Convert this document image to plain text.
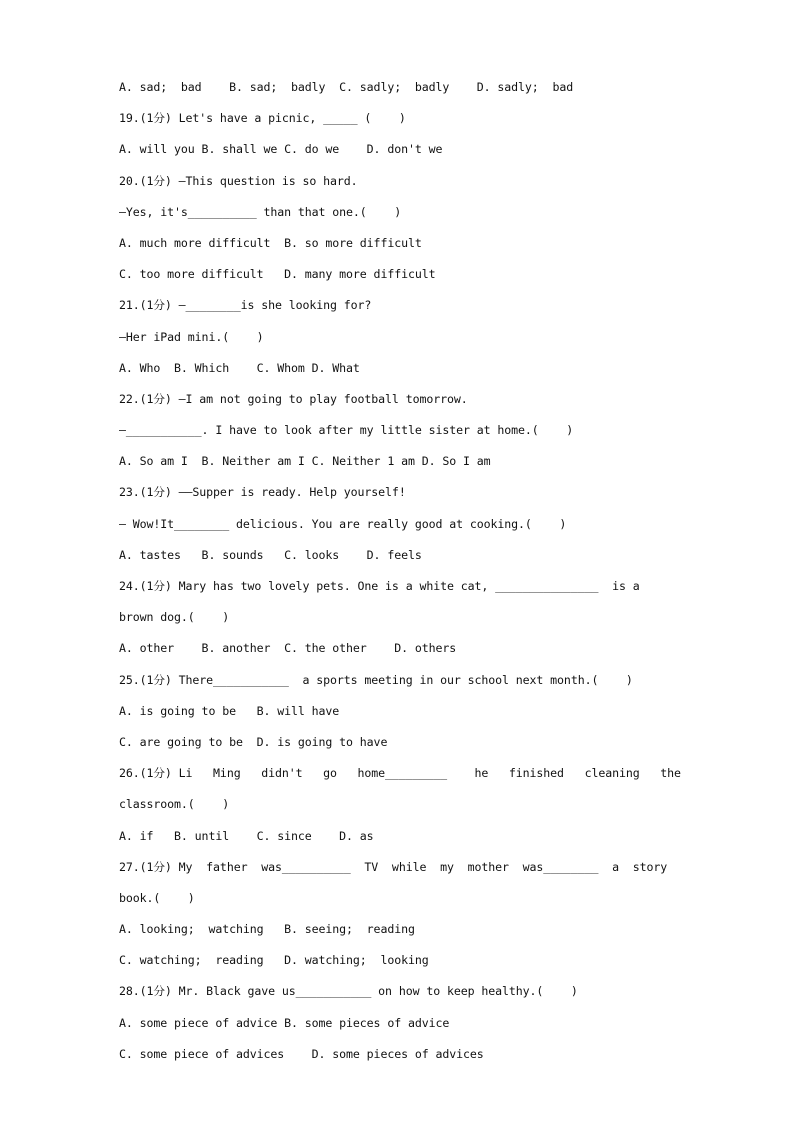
A. sad;  bad    B. sad;  badly  C. sadly;  badly    D. sadly;  bad
19.(1分) Let's have a picnic, _____ (    )
A. will you B. shall we C. do we    D. don't we
20.(1分) –This question is so hard.
–Yes, it's__________ than that one.(    )
A. much more difficult  B. so more difficult
C. too more difficult   D. many more difficult
21.(1分) –________is she looking for?
–Her iPad mini.(    )
A. Who  B. Which    C. Whom D. What
22.(1分) –I am not going to play football tomorrow.
–___________. I have to look after my little sister at home.(    )
A. So am I  B. Neither am I C. Neither 1 am D. So I am
23.(1分) ––Supper is ready. Help yourself!
— Wow!It________ delicious. You are really good at cooking.(    )
A. tastes   B. sounds   C. looks    D. feels
24.(1分) Mary has two lovely pets. One is a white cat, _______________  is a
brown dog.(    )
A. other    B. another  C. the other    D. others
25.(1分) There___________  a sports meeting in our school next month.(    )
A. is going to be   B. will have
C. are going to be  D. is going to have
26.(1分) Li   Ming   didn't   go   home_________    he   finished   cleaning   the
classroom.(    )
A. if   B. until    C. since    D. as
27.(1分) My  father  was__________  TV  while  my  mother  was________  a  story
book.(    )
A. looking;  watching   B. seeing;  reading
C. watching;  reading   D. watching;  looking
28.(1分) Mr. Black gave us___________ on how to keep healthy.(    )
A. some piece of advice B. some pieces of advice
C. some piece of advices    D. some pieces of advices
